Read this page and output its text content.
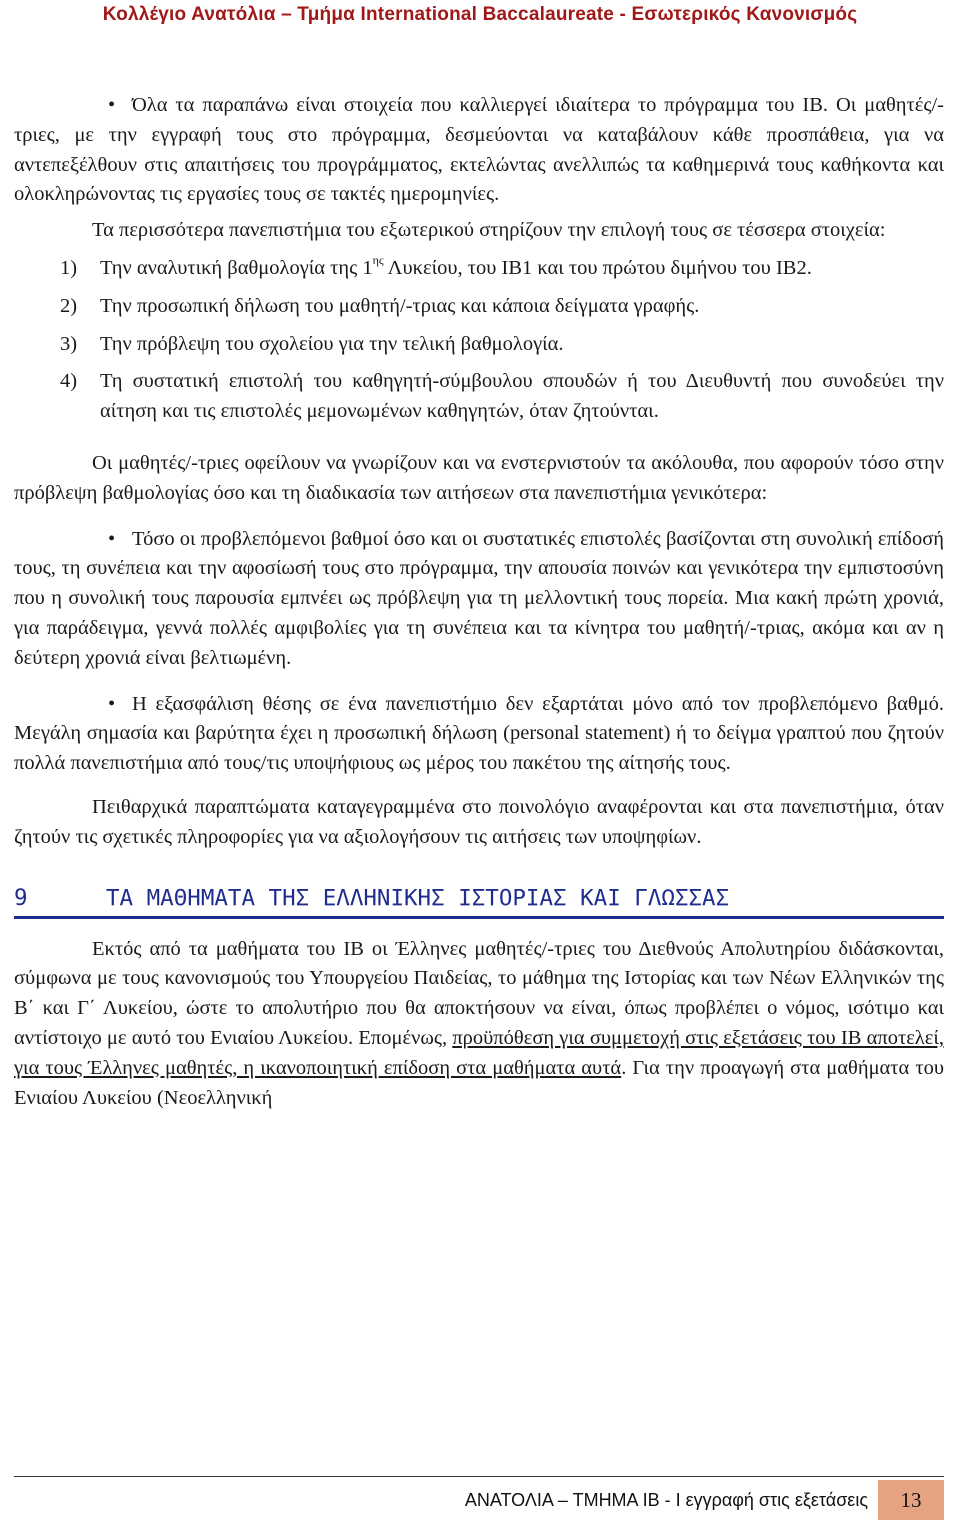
Κολλέγιο Ανατόλια – Τμήμα International Baccalaureate - Εσωτερικός Κανονισμός

• Όλα τα παραπάνω είναι στοιχεία που καλλιεργεί ιδιαίτερα το πρόγραμμα του IB. Οι μαθητές/-τριες, με την εγγραφή τους στο πρόγραμμα, δεσμεύονται να καταβάλουν κάθε προσπάθεια, για να αντεπεξέλθουν στις απαιτήσεις του προγράμματος, εκτελώντας ανελλιπώς τα καθημερινά τους καθήκοντα και ολοκληρώνοντας τις εργασίες τους σε τακτές ημερομηνίες.

Τα περισσότερα πανεπιστήμια του εξωτερικού στηρίζουν την επιλογή τους σε τέσσερα στοιχεία:

1) Την αναλυτική βαθμολογία της $1^{\eta\varsigma}$ Λυκείου, του IB1 και του πρώτου διμήνου του IB2.
2) Την προσωπική δήλωση του μαθητή/-τριας και κάποια δείγματα γραφής.
3) Την πρόβλεψη του σχολείου για την τελική βαθμολογία.
4) Τη συστατική επιστολή του καθηγητή-σύμβουλου σπουδών ή του Διευθυντή που συνοδεύει την αίτηση και τις επιστολές μεμονωμένων καθηγητών, όταν ζητούνται.

Οι μαθητές/-τριες οφείλουν να γνωρίζουν και να ενστερνιστούν τα ακόλουθα, που αφορούν τόσο στην πρόβλεψη βαθμολογίας όσο και τη διαδικασία των αιτήσεων στα πανεπιστήμια γενικότερα:

• Τόσο οι προβλεπόμενοι βαθμοί όσο και οι συστατικές επιστολές βασίζονται στη συνολική επίδοσή τους, τη συνέπεια και την αφοσίωσή τους στο πρόγραμμα, την απουσία ποινών και γενικότερα την εμπιστοσύνη που η συνολική τους παρουσία εμπνέει ως πρόβλεψη για τη μελλοντική τους πορεία. Μια κακή πρώτη χρονιά, για παράδειγμα, γεννά πολλές αμφιβολίες για τη συνέπεια και τα κίνητρα του μαθητή/-τριας, ακόμα και αν η δεύτερη χρονιά είναι βελτιωμένη.

• Η εξασφάλιση θέσης σε ένα πανεπιστήμιο δεν εξαρτάται μόνο από τον προβλεπόμενο βαθμό. Μεγάλη σημασία και βαρύτητα έχει η προσωπική δήλωση (personal statement) ή το δείγμα γραπτού που ζητούν πολλά πανεπιστήμια από τους/τις υποψήφιους ως μέρος του πακέτου της αίτησής τους.

Πειθαρχικά παραπτώματα καταγεγραμμένα στο ποινολόγιο αναφέρονται και στα πανεπιστήμια, όταν ζητούν τις σχετικές πληροφορίες για να αξιολογήσουν τις αιτήσεις των υποψηφίων.

9	ΤΑ ΜΑΘΗΜΑΤΑ ΤΗΣ ΕΛΛΗΝΙΚΗΣ ΙΣΤΟΡΙΑΣ ΚΑΙ ΓΛΩΣΣΑΣ

Εκτός από τα μαθήματα του IB οι Έλληνες μαθητές/-τριες του Διεθνούς Απολυτηρίου διδάσκονται, σύμφωνα με τους κανονισμούς του Υπουργείου Παιδείας, το μάθημα της Ιστορίας και των Νέων Ελληνικών της Β΄ και Γ΄ Λυκείου, ώστε το απολυτήριο που θα αποκτήσουν να είναι, όπως προβλέπει ο νόμος, ισότιμο και αντίστοιχο με αυτό του Ενιαίου Λυκείου. Επομένως, προϋπόθεση για συμμετοχή στις εξετάσεις του IB αποτελεί, για τους Έλληνες μαθητές, η ικανοποιητική επίδοση στα μαθήματα αυτά. Για την προαγωγή στα μαθήματα του Ενιαίου Λυκείου (Νεοελληνική

ΑΝΑΤΟΛΙΑ – ΤΜΗΜΑ IB - Ι εγγραφή στις εξετάσεις	13
